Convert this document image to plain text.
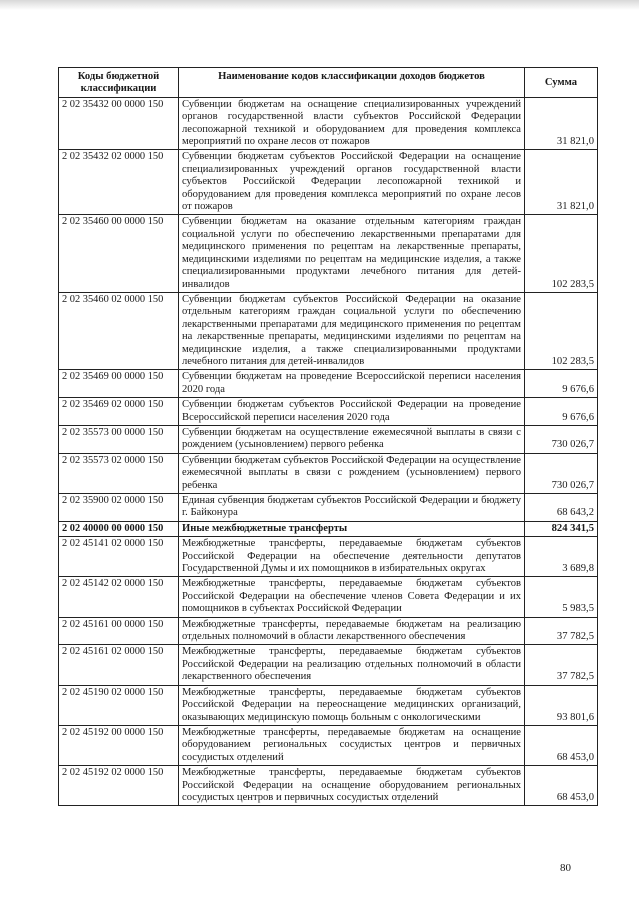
Коды бюджетной классификации	Наименование кодов классификации доходов бюджетов	Сумма
2 02 35432 00 0000 150	Субвенции бюджетам на оснащение специализированных учреждений органов государственной власти субъектов Российской Федерации лесопожарной техникой и оборудованием для проведения комплекса мероприятий по охране лесов от пожаров	31 821,0
2 02 35432 02 0000 150	Субвенции бюджетам субъектов Российской Федерации на оснащение специализированных учреждений органов государственной власти субъектов Российской Федерации лесопожарной техникой и оборудованием для проведения комплекса мероприятий по охране лесов от пожаров	31 821,0
2 02 35460 00 0000 150	Субвенции бюджетам на оказание отдельным категориям граждан социальной услуги по обеспечению лекарственными препаратами для медицинского применения по рецептам на лекарственные препараты, медицинскими изделиями по рецептам на медицинские изделия, а также специализированными продуктами лечебного питания для детей-инвалидов	102 283,5
2 02 35460 02 0000 150	Субвенции бюджетам субъектов Российской Федерации на оказание отдельным категориям граждан социальной услуги по обеспечению лекарственными препаратами для медицинского применения по рецептам на лекарственные препараты, медицинскими изделиями по рецептам на медицинские изделия, а также специализированными продуктами лечебного питания для детей-инвалидов	102 283,5
2 02 35469 00 0000 150	Субвенции бюджетам на проведение Всероссийской переписи населения 2020 года	9 676,6
2 02 35469 02 0000 150	Субвенции бюджетам субъектов Российской Федерации на проведение Всероссийской переписи населения 2020 года	9 676,6
2 02 35573 00 0000 150	Субвенции бюджетам на осуществление ежемесячной выплаты в связи с рождением (усыновлением) первого ребенка	730 026,7
2 02 35573 02 0000 150	Субвенции бюджетам субъектов Российской Федерации на осуществление ежемесячной выплаты в связи с рождением (усыновлением) первого ребенка	730 026,7
2 02 35900 02 0000 150	Единая субвенция бюджетам субъектов Российской Федерации и бюджету г. Байконура	68 643,2
2 02 40000 00 0000 150	Иные межбюджетные трансферты	824 341,5
2 02 45141 02 0000 150	Межбюджетные трансферты, передаваемые бюджетам субъектов Российской Федерации на обеспечение деятельности депутатов Государственной Думы и их помощников в избирательных округах	3 689,8
2 02 45142 02 0000 150	Межбюджетные трансферты, передаваемые бюджетам субъектов Российской Федерации на обеспечение членов Совета Федерации и их помощников в субъектах Российской Федерации	5 983,5
2 02 45161 00 0000 150	Межбюджетные трансферты, передаваемые бюджетам на реализацию отдельных полномочий в области лекарственного обеспечения	37 782,5
2 02 45161 02 0000 150	Межбюджетные трансферты, передаваемые бюджетам субъектов Российской Федерации на реализацию отдельных полномочий в области лекарственного обеспечения	37 782,5
2 02 45190 02 0000 150	Межбюджетные трансферты, передаваемые бюджетам субъектов Российской Федерации на переоснащение медицинских организаций, оказывающих медицинскую помощь больным с онкологическими	93 801,6
2 02 45192 00 0000 150	Межбюджетные трансферты, передаваемые бюджетам на оснащение оборудованием региональных сосудистых центров и первичных сосудистых отделений	68 453,0
2 02 45192 02 0000 150	Межбюджетные трансферты, передаваемые бюджетам субъектов Российской Федерации на оснащение оборудованием региональных сосудистых центров и первичных сосудистых отделений	68 453,0
80
